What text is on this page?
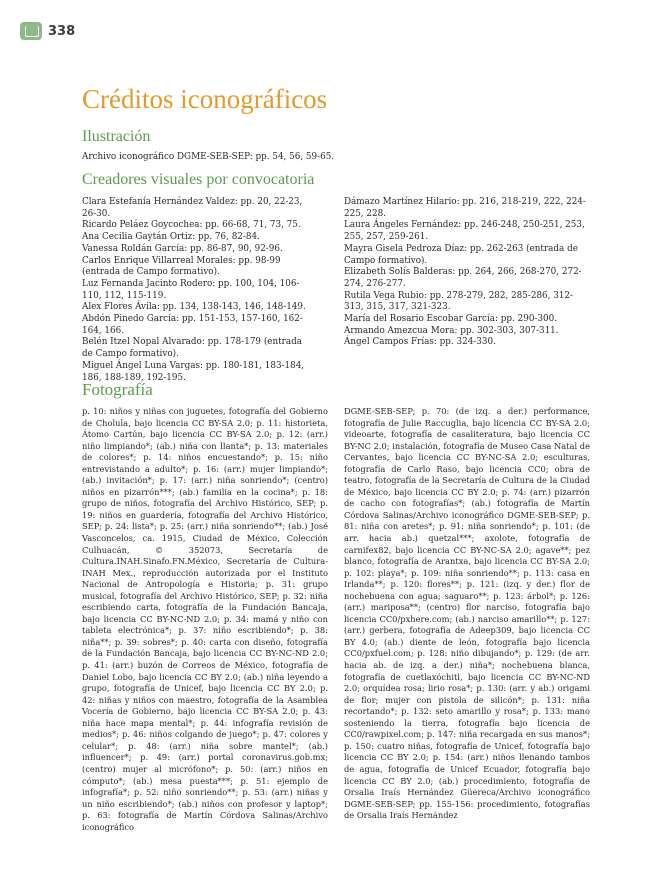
338
Créditos iconográficos
Ilustración
Archivo iconográfico DGME-SEB-SEP: pp. 54, 56, 59-65.
Creadores visuales por convocatoria

Clara Estefanía Hernández Valdez: pp. 20, 22-23, 26-30.

Ricardo Peláez Goycochea: pp. 66-68, 71, 73, 75.

Ana Cecilia Gaytán Ortiz: pp. 76, 82-84.

Vanessa Roldán García: pp. 86-87, 90, 92-96.

Carlos Enrique Villarreal Morales: pp. 98-99 (entrada de Campo formativo).

Luz Fernanda Jacinto Rodero: pp. 100, 104, 106-110, 112, 115-119.

Alex Flores Ávila: pp. 134, 138-143, 146, 148-149.

Abdón Pinedo García: pp. 151-153, 157-160, 162-164, 166.

Belén Itzel Nopal Alvarado: pp. 178-179 (entrada de Campo formativo).

Miguel Ángel Luna Vargas: pp. 180-181, 183-184, 186, 188-189, 192-195.

Dámazo Martínez Hilario: pp. 216, 218-219, 222, 224-225, 228.

Laura Ángeles Fernández: pp. 246-248, 250-251, 253, 255, 257, 259-261.

Mayra Gisela Pedroza Díaz: pp. 262-263 (entrada de Campo formativo).

Elizabeth Solís Balderas: pp. 264, 266, 268-270, 272-274, 276-277.

Rutila Vega Rubio: pp. 278-279, 282, 285-286, 312-313, 315, 317, 321-323.

María del Rosario Escobar García: pp. 290-300.

Armando Amezcua Mora: pp. 302-303, 307-311.

Ángel Campos Frías: pp. 324-330.

Fotografía

p. 10: niños y niñas con juguetes, fotografía del Gobierno de Cholula, bajo licencia CC BY-SA 2.0; p. 11: historieta, Átomo Cartún, bajo licencia CC BY-SA 2.0; p. 12: (arr.) niño limpiando*; (ab.) niña con llanta*; p. 13: materiales de colores*; p. 14: niños encuestando*; p. 15: niño entrevistando a adulto*; p. 16: (arr.) mujer limpiando*; (ab.) invitación*; p. 17: (arr.) niña sonriendo*; (centro) niños en pizarrón***; (ab.) familia en la cocina*; p. 18: grupo de niños, fotografía del Archivo Histórico, SEP; p. 19: niños en guardería, fotografía del Archivo Histórico, SEP; p. 24: lista*; p. 25: (arr.) niña sonriendo**; (ab.) José Vasconcelos, ca. 1915, Ciudad de México, Colección Culhuacán, © 352073, Secretaría de Cultura.INAH.Sinafo.FN.México, Secretaría de Cultura-INAH Mex., reproducción autorizada por el Instituto Nacional de Antropología e Historia; p. 31: grupo musical, fotografía del Archivo Histórico, SEP; p. 32: niña escribiendo carta, fotografía de la Fundación Bancaja, bajo licencia CC BY-NC-ND 2.0; p. 34: mamá y niño con tableta electrónica*; p. 37: niño escribiendo*; p. 38: niña**; p. 39: sobres*; p. 40: carta con diseño, fotografía de la Fundación Bancaja, bajo licencia CC BY-NC-ND 2.0; p. 41: (arr.) buzón de Correos de México, fotografía de Daniel Lobo, bajo licencia CC BY 2.0; (ab.) niña leyendo a grupo, fotografía de Unicef, bajo licencia CC BY 2.0; p. 42: niñas y niños con maestro, fotografía de la Asamblea Vocería de Gobierno, bajo licencia CC BY-SA 2.0; p. 43: niña hace mapa mental*; p. 44: infografía revisión de medios*; p. 46: niños colgando de juego*; p. 47: colores y celular*; p. 48: (arr.) niña sobre mantel*; (ab.) influencer*; p. 49: (arr.) portal coronavirus.gob.mx; (centro) mujer al micrófono*; p. 50: (arr.) niños en cómputo*; (ab.) mesa puesta***; p. 51: ejemplo de infografía*; p. 52: niño sonriendo**; p. 53: (arr.) niñas y un niño escribiendo*; (ab.) niños con profesor y laptop*; p. 63: fotografía de Martín Córdova Salinas/Archivo iconográfico

DGME-SEB-SEP; p. 70: (de izq. a der.) performance, fotografía de Julie Raccuglia, bajo licencia CC BY-SA 2.0; videoarte, fotografía de casaliteratura, bajo licencia CC BY-NC 2.0; instalación, fotografía de Museo Casa Natal de Cervantes, bajo licencia CC BY-NC-SA 2.0; esculturas, fotografía de Carlo Raso, bajo licencia CC0; obra de teatro, fotografía de la Secretaría de Cultura de la Ciudad de México, bajo licencia CC BY 2.0; p. 74: (arr.) pizarrón de cacho con fotografías*; (ab.) fotografía de Martín Córdova Salinas/Archivo iconográfico DGME-SEB-SEP; p. 81: niña con aretes*; p. 91: niña sonriendo*; p. 101: (de arr. hacia ab.) quetzal***; axolote, fotografía de carnifex82, bajo licencia CC BY-NC-SA 2.0; agave**; pez blanco, fotografía de Arantxa, bajo licencia CC BY-SA 2.0; p. 102: playa*; p. 109: niña sonriendo**; p. 113: casa en Irlanda**; p. 120: flores**; p. 121: (izq. y der.) flor de nochebuena con agua; saguaro**; p. 123: árbol*; p. 126: (arr.) mariposa**; (centro) flor narciso, fotografía bajo licencia CC0/pxhere.com; (ab.) narciso amarillo**; p. 127: (arr.) gerbera, fotografía de Adeep309, bajo licencia CC BY 4.0; (ab.) diente de león, fotografía bajo licencia CC0/pxfuel.com; p. 128: niño dibujando*; p. 129: (de arr. hacia ab. de izq. a der.) niña*; nochebuena blanca, fotografía de cuetlaxóchitl, bajo licencia CC BY-NC-ND 2.0; orquídea rosa; lirio rosa*; p. 130: (arr. y ab.) origami de flor; mujer con pistola de silicón*; p. 131: niña recortando*; p. 132: seto amarillo y rosa*; p. 133: mano sosteniendo la tierra, fotografía bajo licencia de CC0/rawpixel.com; p. 147: niña recargada en sus manos*; p. 150: cuatro niñas, fotografía de Unicef, fotografía bajo licencia CC BY 2.0; p. 154: (arr.) niños llenando tambos de agua, fotografía de Unicef Ecuador, fotografía bajo licencia CC BY 2.0; (ab.) procedimiento, fotografía de Orsalia Iraís Hernández Güereca/Archivo iconográfico DGME-SEB-SEP; pp. 155-156: procedimiento, fotografías de Orsalia Iraís Hernández
